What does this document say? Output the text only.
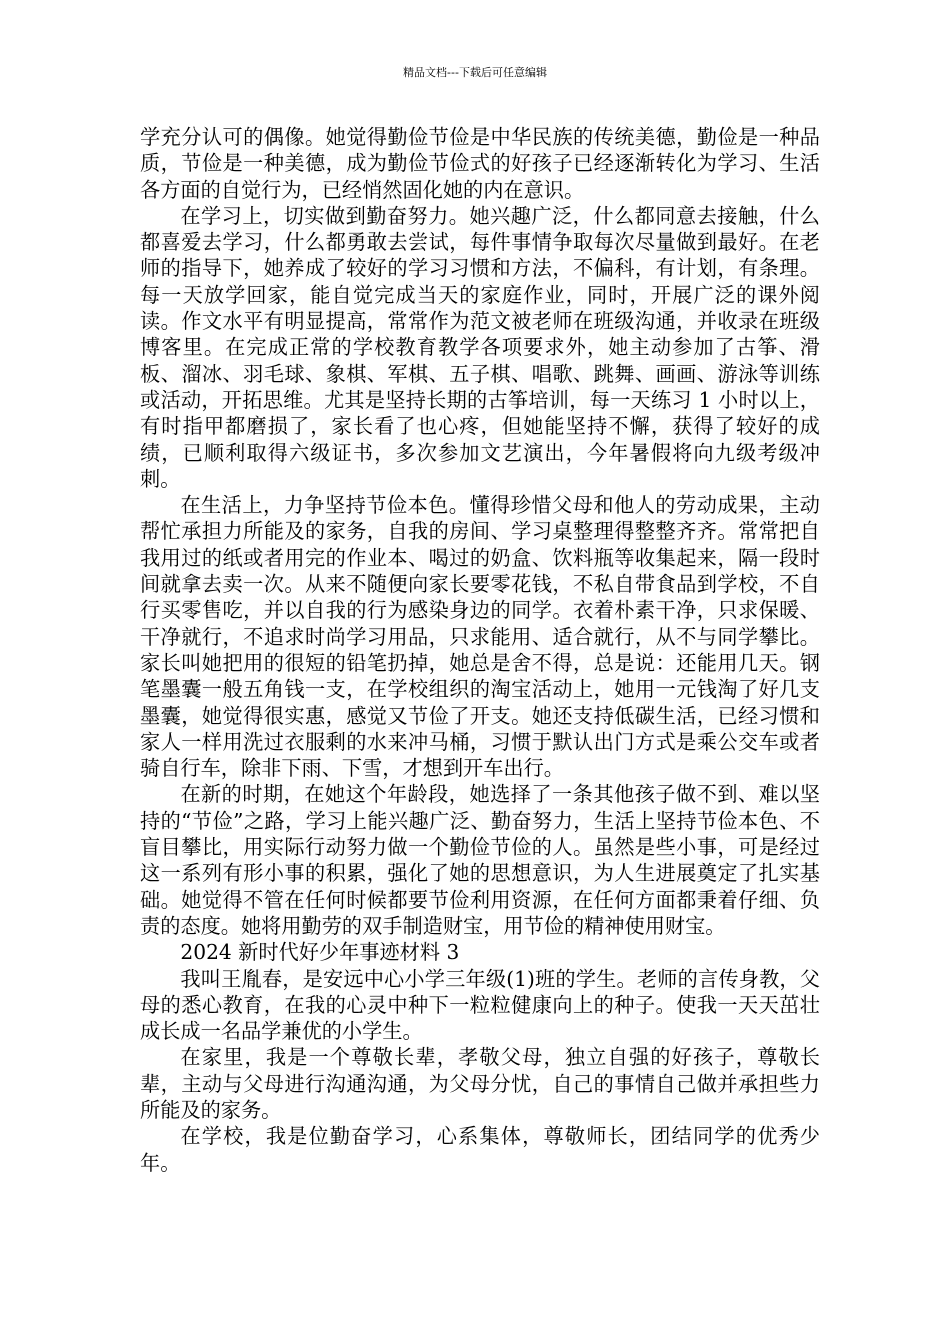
精品文档---下载后可任意编辑

学充分认可的偶像。她觉得勤俭节俭是中华民族的传统美德，勤俭是一种品质，节俭是一种美德，成为勤俭节俭式的好孩子已经逐渐转化为学习、生活各方面的自觉行为，已经悄然固化她的内在意识。

在学习上，切实做到勤奋努力。她兴趣广泛，什么都同意去接触，什么都喜爱去学习，什么都勇敢去尝试，每件事情争取每次尽量做到最好。在老师的指导下，她养成了较好的学习习惯和方法，不偏科，有计划，有条理。每一天放学回家，能自觉完成当天的家庭作业，同时，开展广泛的课外阅读。作文水平有明显提高，常常作为范文被老师在班级沟通，并收录在班级博客里。在完成正常的学校教育教学各项要求外，她主动参加了古筝、滑板、溜冰、羽毛球、象棋、军棋、五子棋、唱歌、跳舞、画画、游泳等训练或活动，开拓思维。尤其是坚持长期的古筝培训，每一天练习 1 小时以上，有时指甲都磨损了，家长看了也心疼，但她能坚持不懈，获得了较好的成绩，已顺利取得六级证书，多次参加文艺演出，今年暑假将向九级考级冲刺。

在生活上，力争坚持节俭本色。懂得珍惜父母和他人的劳动成果，主动帮忙承担力所能及的家务，自我的房间、学习桌整理得整整齐齐。常常把自我用过的纸或者用完的作业本、喝过的奶盒、饮料瓶等收集起来，隔一段时间就拿去卖一次。从来不随便向家长要零花钱，不私自带食品到学校，不自行买零售吃，并以自我的行为感染身边的同学。衣着朴素干净，只求保暖、干净就行，不追求时尚学习用品，只求能用、适合就行，从不与同学攀比。家长叫她把用的很短的铅笔扔掉，她总是舍不得，总是说：还能用几天。钢笔墨囊一般五角钱一支，在学校组织的淘宝活动上，她用一元钱淘了好几支墨囊，她觉得很实惠，感觉又节俭了开支。她还支持低碳生活，已经习惯和家人一样用洗过衣服剩的水来冲马桶，习惯于默认出门方式是乘公交车或者骑自行车，除非下雨、下雪，才想到开车出行。

在新的时期，在她这个年龄段，她选择了一条其他孩子做不到、难以坚持的“节俭”之路，学习上能兴趣广泛、勤奋努力，生活上坚持节俭本色、不盲目攀比，用实际行动努力做一个勤俭节俭的人。虽然是些小事，可是经过这一系列有形小事的积累，强化了她的思想意识，为人生进展奠定了扎实基础。她觉得不管在任何时候都要节俭利用资源，在任何方面都秉着仔细、负责的态度。她将用勤劳的双手制造财宝，用节俭的精神使用财宝。

2024 新时代好少年事迹材料 3

我叫王胤春，是安远中心小学三年级(1)班的学生。老师的言传身教，父母的悉心教育，在我的心灵中种下一粒粒健康向上的种子。使我一天天茁壮成长成一名品学兼优的小学生。

在家里，我是一个尊敬长辈，孝敬父母，独立自强的好孩子，尊敬长辈，主动与父母进行沟通沟通，为父母分忧，自己的事情自己做并承担些力所能及的家务。

在学校，我是位勤奋学习，心系集体，尊敬师长，团结同学的优秀少年。
